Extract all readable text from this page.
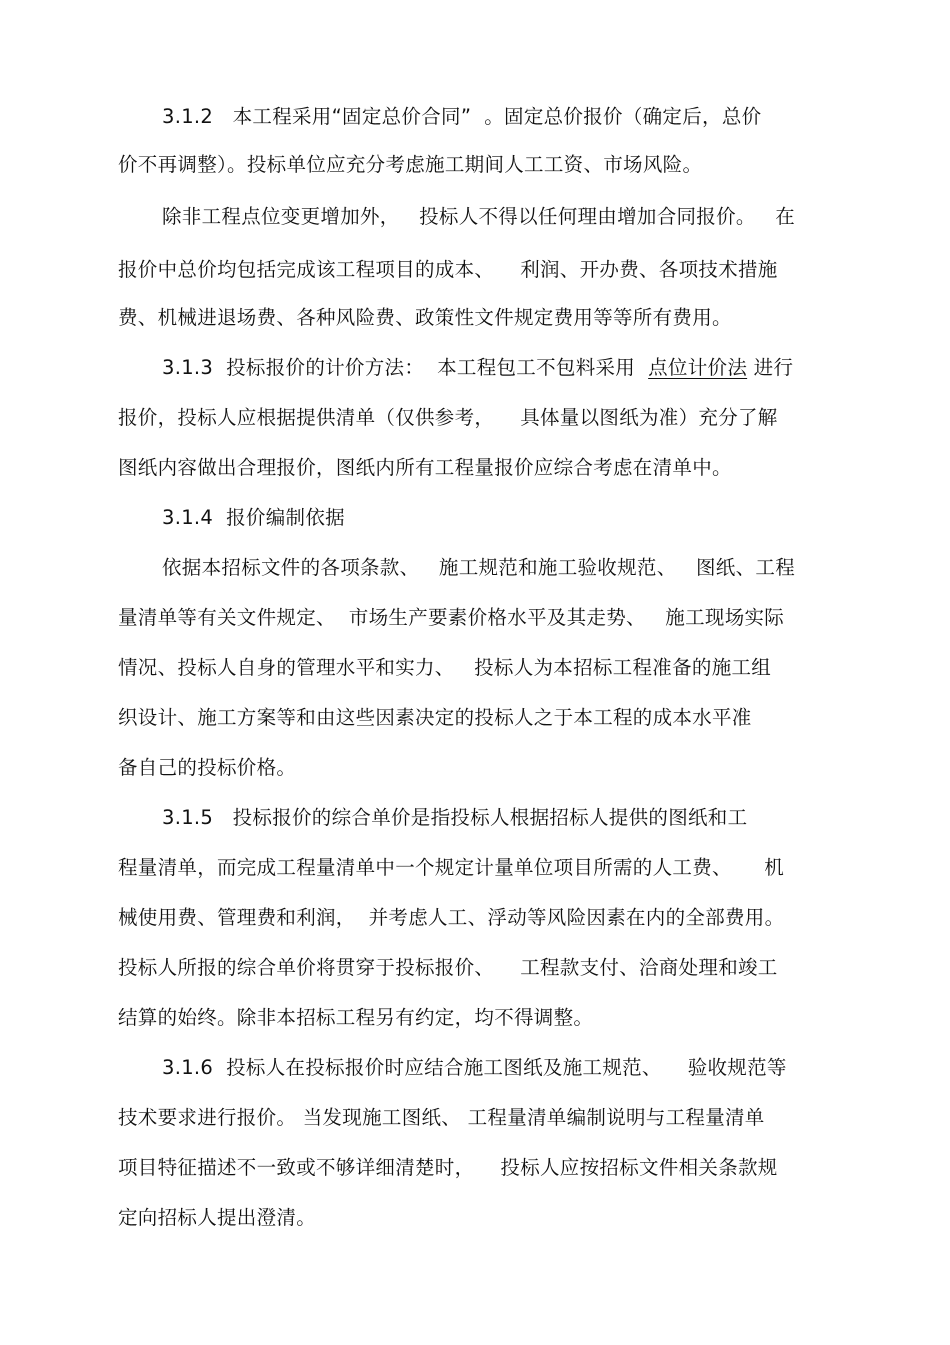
3.1.2   本工程采用“固定总价合同”  。固定总价报价（确定后，总价
价不再调整）。投标单位应充分考虑施工期间人工工资、市场风险。
除非工程点位变更增加外，   投标人不得以任何理由增加合同报价。   在
报价中总价均包括完成该工程项目的成本、    利润、开办费、各项技术措施
费、机械进退场费、各种风险费、政策性文件规定费用等等所有费用。
3.1.3  投标报价的计价方法：  本工程包工不包料采用 点位计价法 进行
报价，投标人应根据提供清单（仅供参考，    具体量以图纸为准）充分了解
图纸内容做出合理报价，图纸内所有工程量报价应综合考虑在清单中。
3.1.4  报价编制依据
依据本招标文件的各项条款、   施工规范和施工验收规范、   图纸、工程
量清单等有关文件规定、  市场生产要素价格水平及其走势、   施工现场实际
情况、投标人自身的管理水平和实力、   投标人为本招标工程准备的施工组
织设计、施工方案等和由这些因素决定的投标人之于本工程的成本水平准
备自己的投标价格。
3.1.5   投标报价的综合单价是指投标人根据招标人提供的图纸和工
程量清单，而完成工程量清单中一个规定计量单位项目所需的人工费、     机
械使用费、管理费和利润，  并考虑人工、浮动等风险因素在内的全部费用。
投标人所报的综合单价将贯穿于投标报价、    工程款支付、洽商处理和竣工
结算的始终。除非本招标工程另有约定，均不得调整。
3.1.6  投标人在投标报价时应结合施工图纸及施工规范、    验收规范等
技术要求进行报价。 当发现施工图纸、 工程量清单编制说明与工程量清单
项目特征描述不一致或不够详细清楚时，    投标人应按招标文件相关条款规
定向招标人提出澄清。
